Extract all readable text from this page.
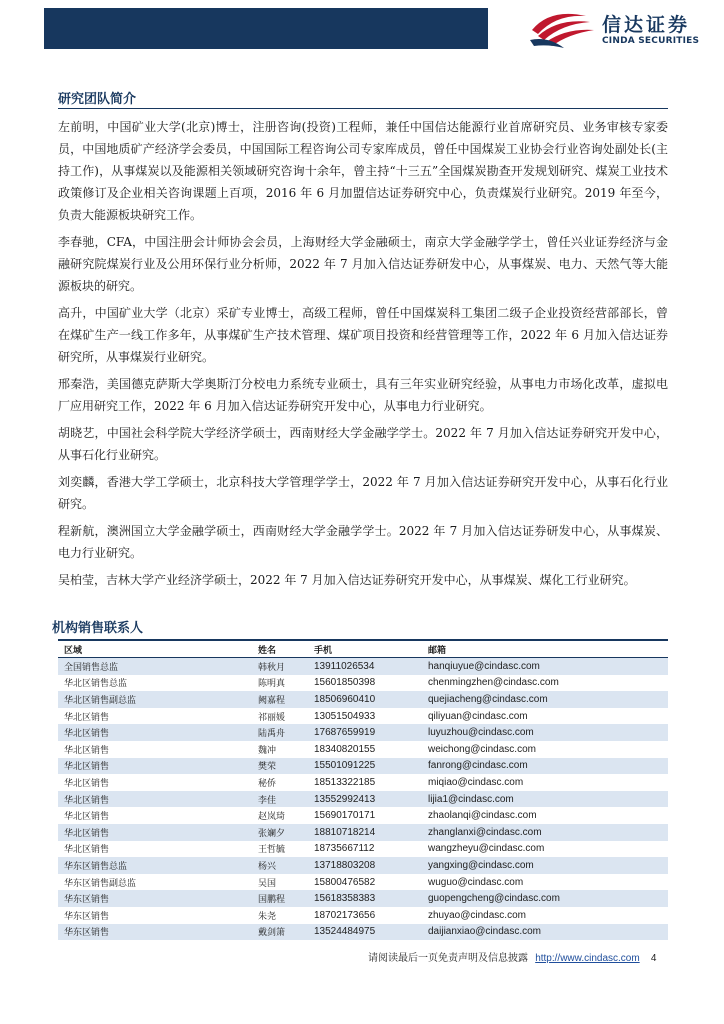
信达证券
CINDA SECURITIES
研究团队简介

左前明，中国矿业大学(北京)博士，注册咨询(投资)工程师，兼任中国信达能源行业首席研究员、业务审核专家委员，中国地质矿产经济学会委员，中国国际工程咨询公司专家库成员，曾任中国煤炭工业协会行业咨询处副处长(主持工作)，从事煤炭以及能源相关领域研究咨询十余年，曾主持“十三五”全国煤炭勘查开发规划研究、煤炭工业技术政策修订及企业相关咨询课题上百项，2016 年 6 月加盟信达证券研究中心，负责煤炭行业研究。2019 年至今，负责大能源板块研究工作。

李春驰，CFA，中国注册会计师协会会员，上海财经大学金融硕士，南京大学金融学学士，曾任兴业证券经济与金融研究院煤炭行业及公用环保行业分析师，2022 年 7 月加入信达证券研发中心，从事煤炭、电力、天然气等大能源板块的研究。

高升，中国矿业大学（北京）采矿专业博士，高级工程师，曾任中国煤炭科工集团二级子企业投资经营部部长，曾在煤矿生产一线工作多年，从事煤矿生产技术管理、煤矿项目投资和经营管理等工作，2022 年 6 月加入信达证券研究所，从事煤炭行业研究。

邢秦浩，美国德克萨斯大学奥斯汀分校电力系统专业硕士，具有三年实业研究经验，从事电力市场化改革，虚拟电厂应用研究工作，2022 年 6 月加入信达证券研究开发中心，从事电力行业研究。

胡晓艺，中国社会科学院大学经济学硕士，西南财经大学金融学学士。2022 年 7 月加入信达证券研究开发中心，从事石化行业研究。

刘奕麟，香港大学工学硕士，北京科技大学管理学学士，2022 年 7 月加入信达证券研究开发中心，从事石化行业研究。

程新航，澳洲国立大学金融学硕士，西南财经大学金融学学士。2022 年 7 月加入信达证券研发中心，从事煤炭、电力行业研究。

吴柏莹，吉林大学产业经济学硕士，2022 年 7 月加入信达证券研究开发中心，从事煤炭、煤化工行业研究。

机构销售联系人
区域	姓名	手机	邮箱
全国销售总监	韩秋月	13911026534	hanqiuyue@cindasc.com
华北区销售总监	陈明真	15601850398	chenmingzhen@cindasc.com
华北区销售副总监	阙嘉程	18506960410	quejiacheng@cindasc.com
华北区销售	祁丽媛	13051504933	qiliyuan@cindasc.com
华北区销售	陆禹舟	17687659919	luyuzhou@cindasc.com
华北区销售	魏冲	18340820155	weichong@cindasc.com
华北区销售	樊荣	15501091225	fanrong@cindasc.com
华北区销售	秘侨	18513322185	miqiao@cindasc.com
华北区销售	李佳	13552992413	lijia1@cindasc.com
华北区销售	赵岚琦	15690170171	zhaolanqi@cindasc.com
华北区销售	张斓夕	18810718214	zhanglanxi@cindasc.com
华北区销售	王哲毓	18735667112	wangzheyu@cindasc.com
华东区销售总监	杨兴	13718803208	yangxing@cindasc.com
华东区销售副总监	吴国	15800476582	wuguo@cindasc.com
华东区销售	国鹏程	15618358383	guopengcheng@cindasc.com
华东区销售	朱尧	18702173656	zhuyao@cindasc.com
华东区销售	戴剑箫	13524484975	daijianxiao@cindasc.com
请阅读最后一页免责声明及信息披露 http://www.cindasc.com 4
